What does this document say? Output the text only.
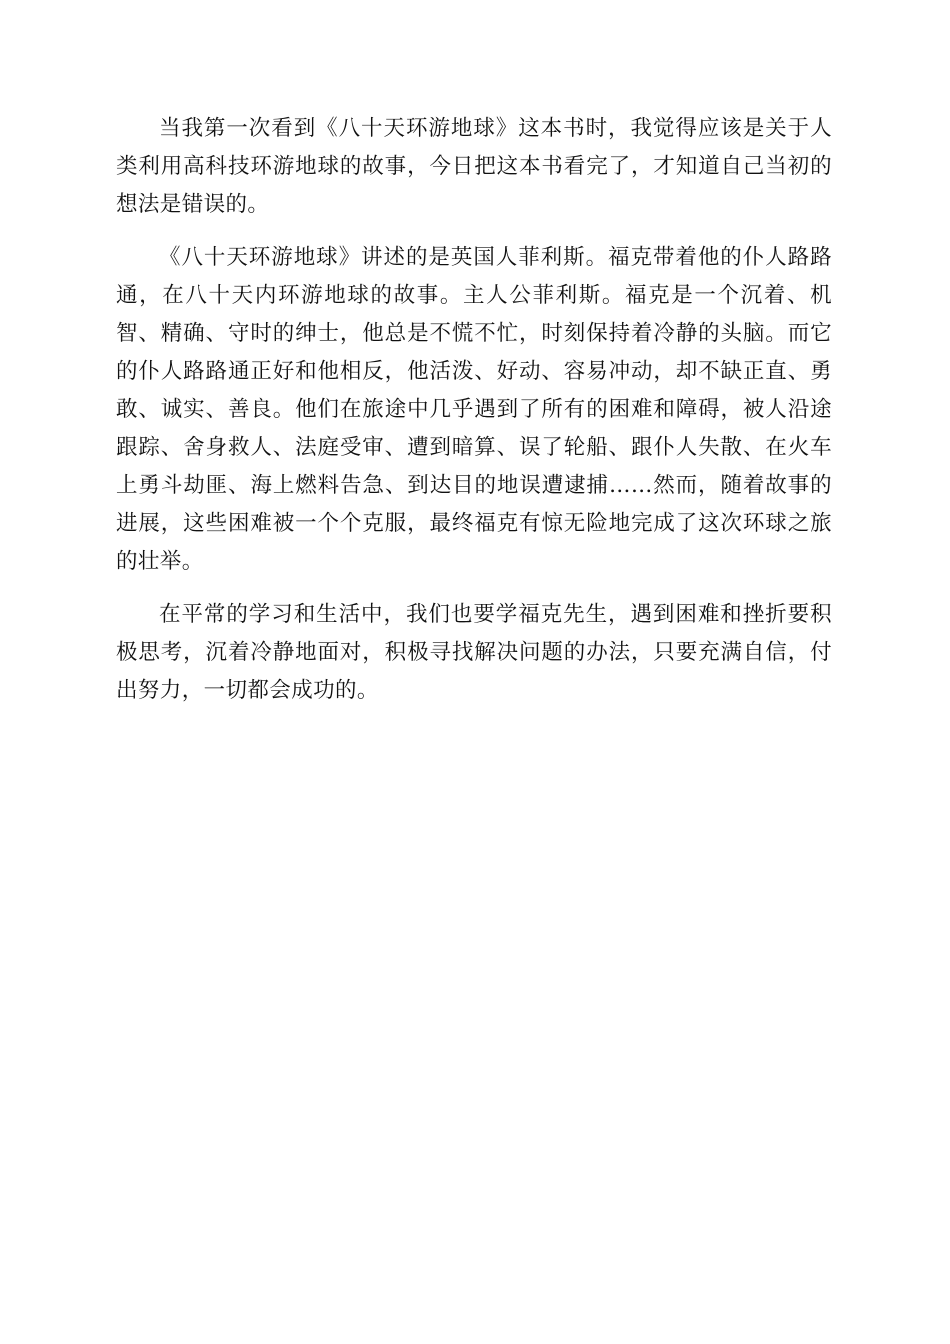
当我第一次看到《八十天环游地球》这本书时，我觉得应该是关于人类利用高科技环游地球的故事，今日把这本书看完了，才知道自己当初的想法是错误的。

《八十天环游地球》讲述的是英国人菲利斯。福克带着他的仆人路路通，在八十天内环游地球的故事。主人公菲利斯。福克是一个沉着、机智、精确、守时的绅士，他总是不慌不忙，时刻保持着冷静的头脑。而它的仆人路路通正好和他相反，他活泼、好动、容易冲动，却不缺正直、勇敢、诚实、善良。他们在旅途中几乎遇到了所有的困难和障碍，被人沿途跟踪、舍身救人、法庭受审、遭到暗算、误了轮船、跟仆人失散、在火车上勇斗劫匪、海上燃料告急、到达目的地误遭逮捕……然而，随着故事的进展，这些困难被一个个克服，最终福克有惊无险地完成了这次环球之旅的壮举。

在平常的学习和生活中，我们也要学福克先生，遇到困难和挫折要积极思考，沉着冷静地面对，积极寻找解决问题的办法，只要充满自信，付出努力，一切都会成功的。
